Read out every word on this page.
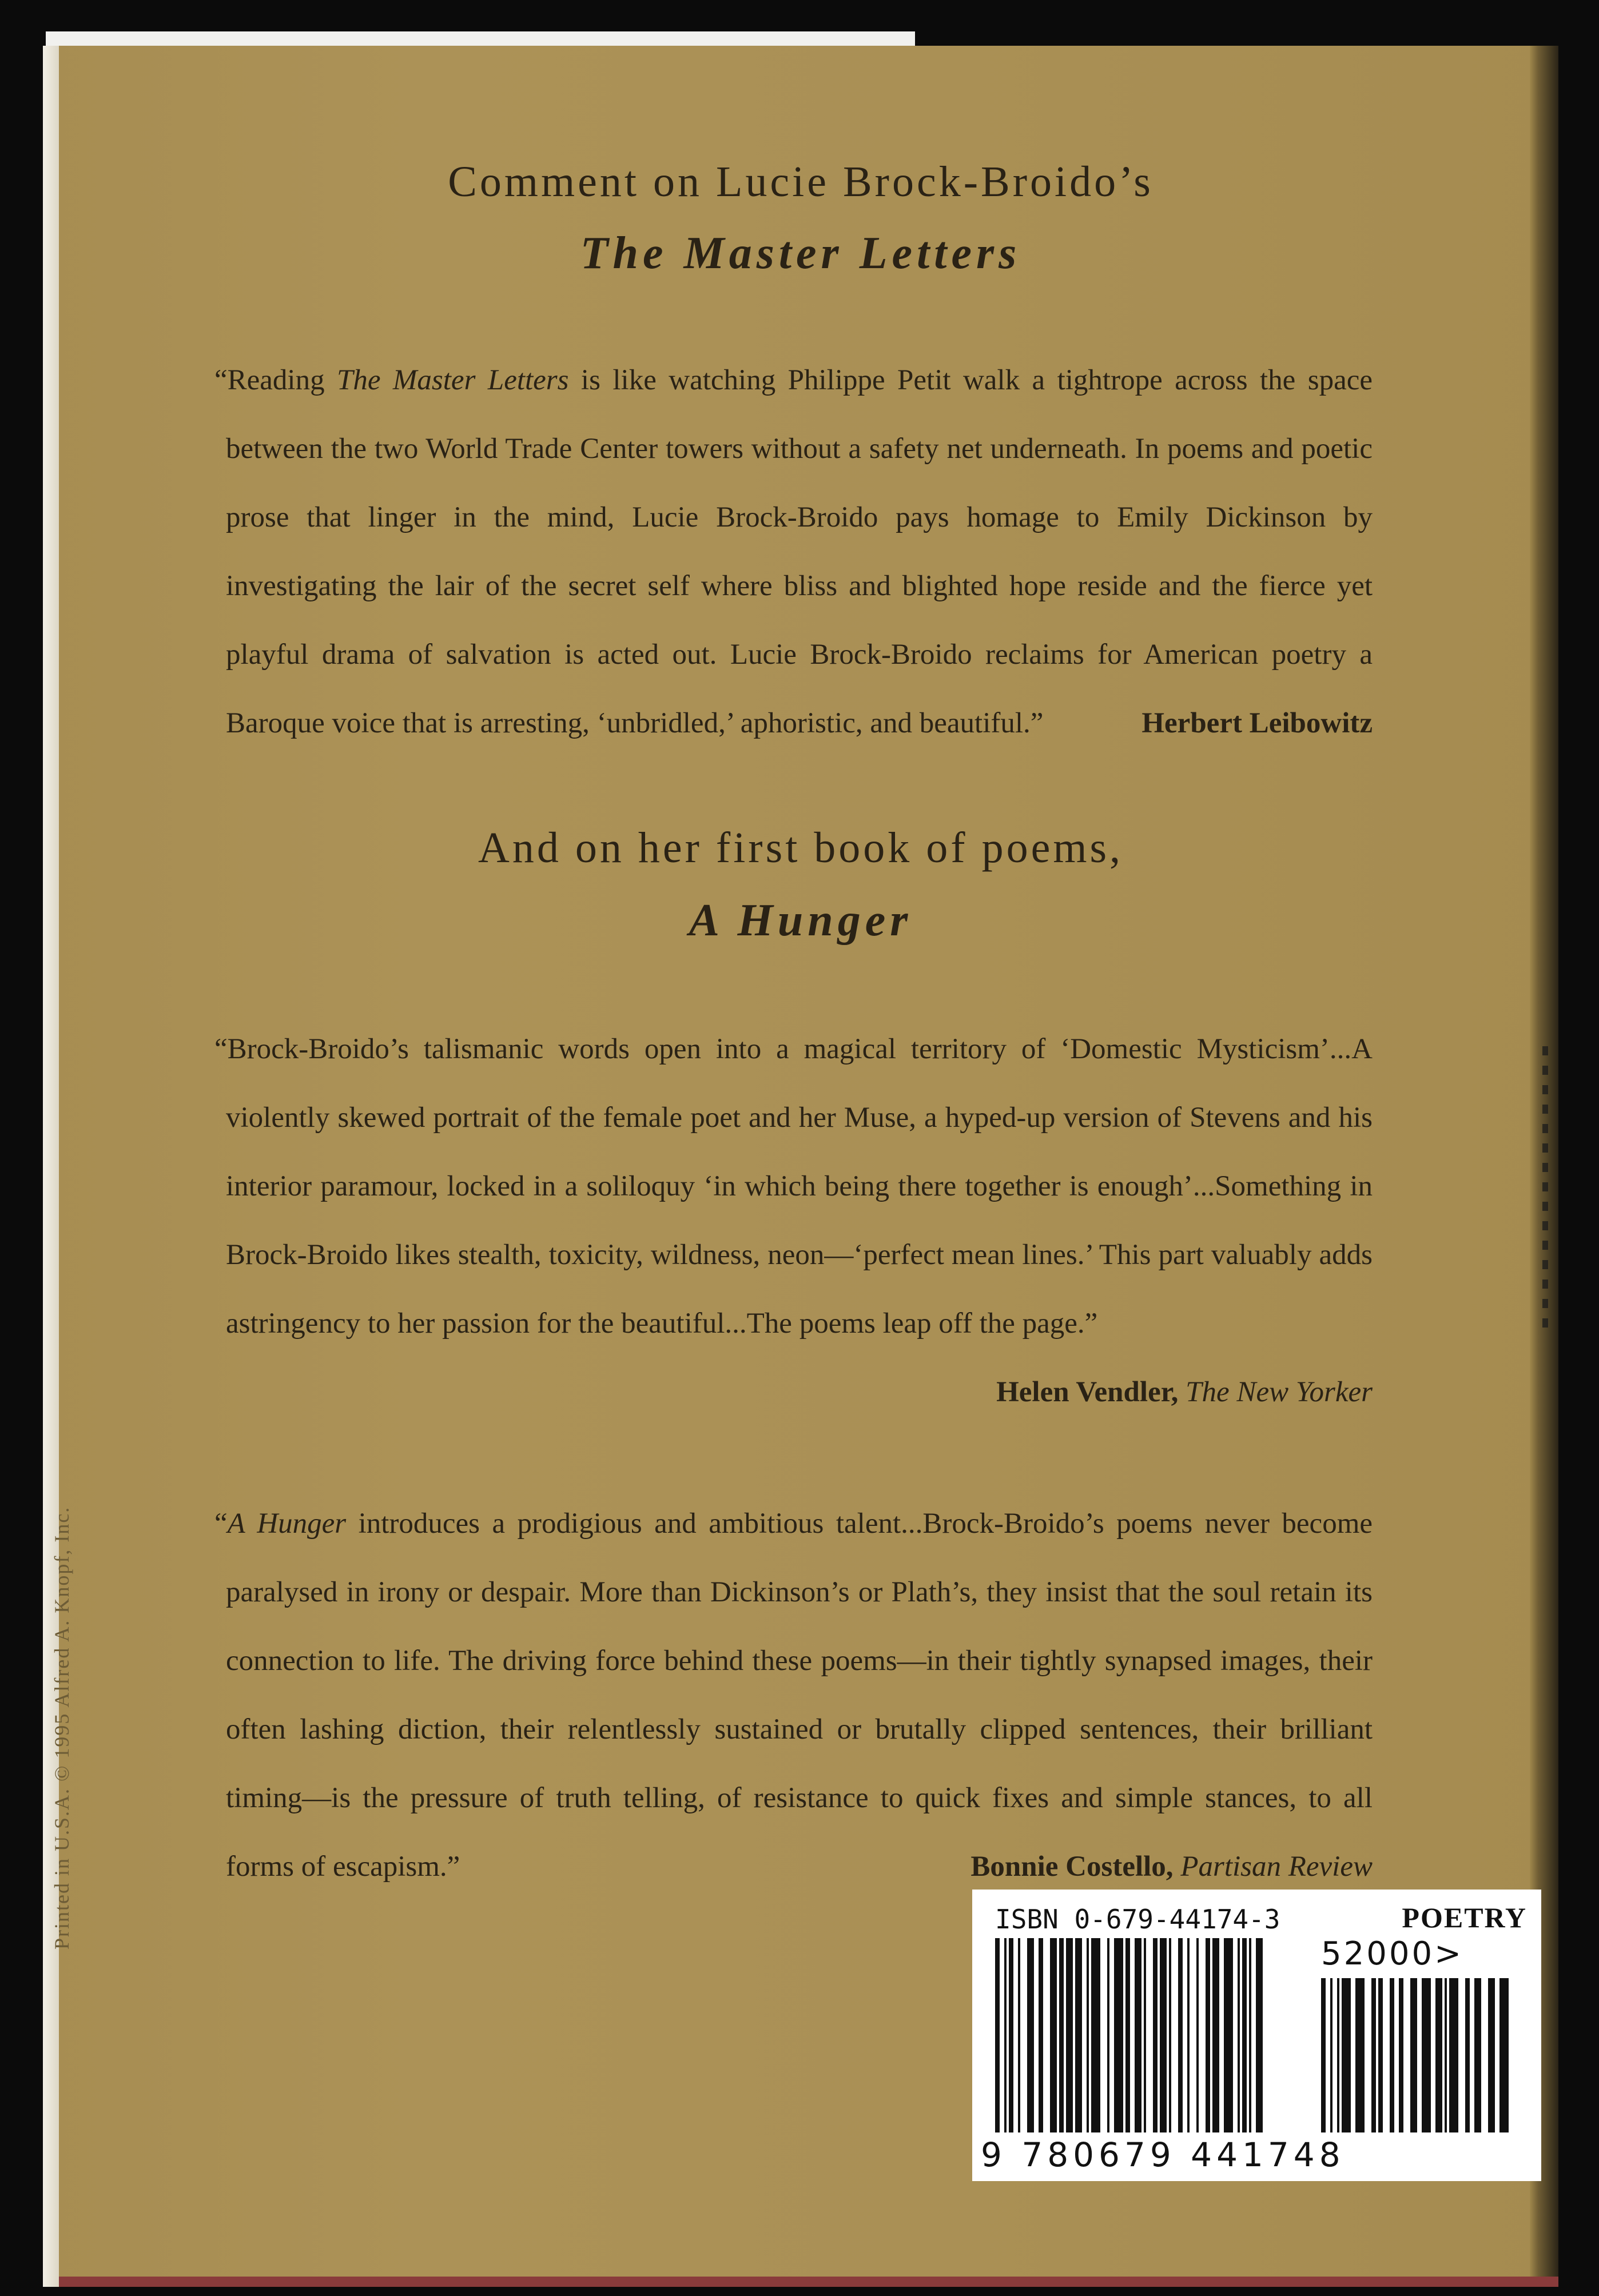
Printed in U.S.A. © 1995 Alfred A. Knopf, Inc.
Comment on Lucie Brock-Broido’s
The Master Letters
“Reading The Master Letters is like watching Philippe Petit walk a tightrope across the space between the two World Trade Center towers without a safety net underneath. In poems and poetic prose that linger in the mind, Lucie Brock-Broido pays homage to Emily Dickinson by investigating the lair of the secret self where bliss and blighted hope reside and the fierce yet playful drama of salvation is acted out. Lucie Brock-Broido reclaims for American poetry a Baroque voice that is arresting, ‘unbridled,’ aphoristic, and beautiful.”	Herbert Leibowitz
And on her first book of poems,
A Hunger
“Brock-Broido’s talismanic words open into a magical territory of ‘Domestic Mysticism’...A violently skewed portrait of the female poet and her Muse, a hyped-up version of Stevens and his interior paramour, locked in a soliloquy ‘in which being there together is enough’...Something in Brock-Broido likes stealth, toxicity, wildness, neon—‘perfect mean lines.’ This part valuably adds astringency to her passion for the beautiful...The poems leap off the page.”
Helen Vendler, The New Yorker
“A Hunger introduces a prodigious and ambitious talent...Brock-Broido’s poems never become paralysed in irony or despair. More than Dickinson’s or Plath’s, they insist that the soul retain its connection to life. The driving force behind these poems—in their tightly synapsed images, their often lashing diction, their relentlessly sustained or brutally clipped sentences, their brilliant timing—is the pressure of truth telling, of resistance to quick fixes and simple stances, to all forms of escapism.”	Bonnie Costello, Partisan Review
ISBN 0-679-44174-3	POETRY
52000>
9 780679 441748
